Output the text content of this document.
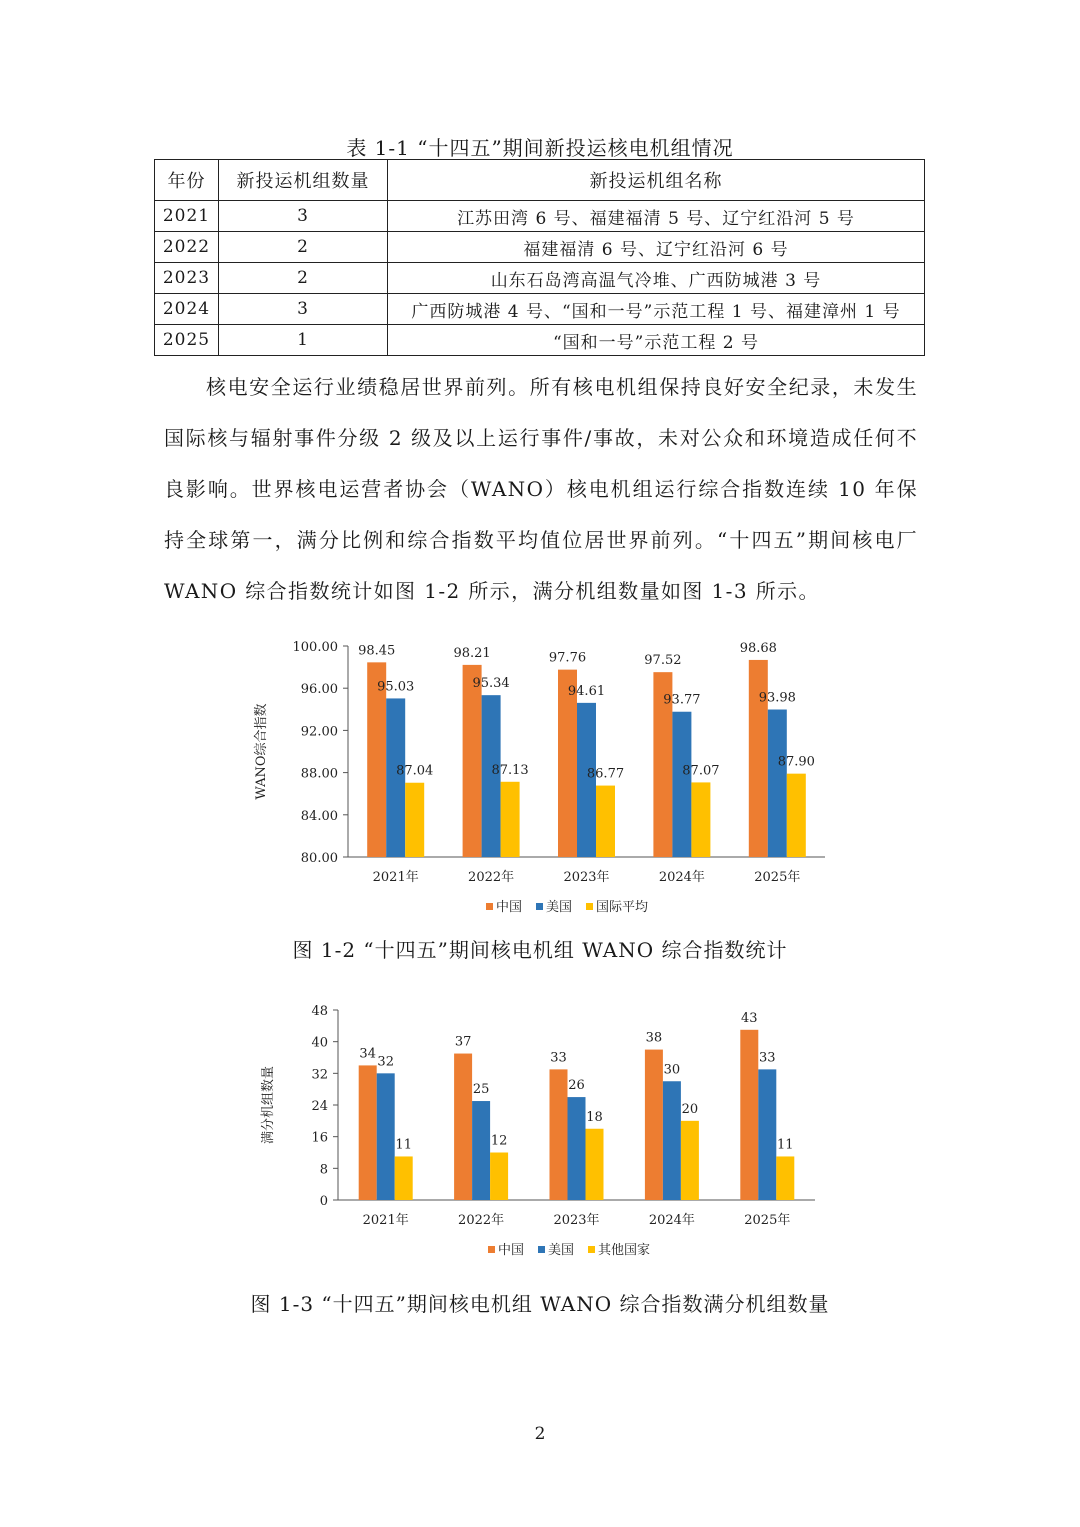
表 1-1 “十四五”期间新投运核电机组情况
年份	新投运机组数量	新投运机组名称
2021	3	江苏田湾 6 号、福建福清 5 号、辽宁红沿河 5 号
2022	2	福建福清 6 号、辽宁红沿河 6 号
2023	2	山东石岛湾高温气冷堆、广西防城港 3 号
2024	3	广西防城港 4 号、“国和一号”示范工程 1 号、福建漳州 1 号
2025	1	“国和一号”示范工程 2 号

核电安全运行业绩稳居世界前列。所有核电机组保持良好安全纪录，未发生国际核与辐射事件分级 2 级及以上运行事件/事故，未对公众和环境造成任何不良影响。世界核电运营者协会（WANO）核电机组运行综合指数连续 10 年保持全球第一，满分比例和综合指数平均值位居世界前列。“十四五”期间核电厂 WANO 综合指数统计如图 1-2 所示，满分机组数量如图 1-3 所示。

100.00
96.00
92.00
88.00
84.00
80.00
WANO综合指数
98.45
95.03
87.04
2021年
98.21
95.34
87.13
2022年
97.76
94.61
86.77
2023年
97.52
93.77
87.07
2024年
98.68
93.98
87.90
2025年
中国 美国 国际平均
图 1-2 “十四五”期间核电机组 WANO 综合指数统计
48
40
32
24
16
8
0
满分机组数量
34
32
11
2021年
37
25
12
2022年
33
26
18
2023年
38
30
20
2024年
43
33
11
2025年
中国 美国 其他国家
图 1-3 “十四五”期间核电机组 WANO 综合指数满分机组数量
2
